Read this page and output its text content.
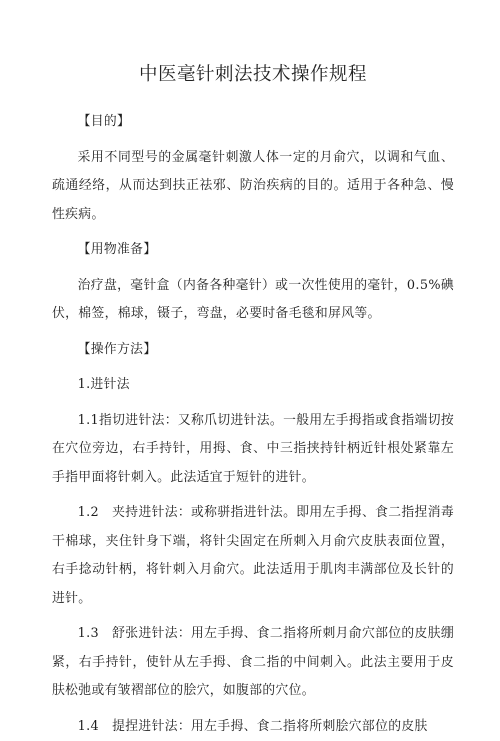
中医毫针刺法技术操作规程

【目的】

采用不同型号的金属毫针刺激人体一定的月俞穴，以调和气血、疏通经络，从而达到扶正祛邪、防治疾病的目的。适用于各种急、慢性疾病。

【用物准备】

治疗盘，毫针盒（内备各种毫针）或一次性使用的毫针，0.5%碘伏，棉签，棉球，镊子，弯盘，必要时备毛毯和屏风等。

【操作方法】

1.进针法

1.1指切进针法：又称爪切进针法。一般用左手拇指或食指端切按在穴位旁边，右手持针，用拇、食、中三指挟持针柄近针根处紧靠左手指甲面将针刺入。此法适宜于短针的进针。

1.2　夹持进针法：或称骈指进针法。即用左手拇、食二指捏消毒干棉球，夹住针身下端，将针尖固定在所刺入月俞穴皮肤表面位置，右手捻动针柄，将针刺入月俞穴。此法适用于肌肉丰满部位及长针的进针。

1.3　舒张进针法：用左手拇、食二指将所刺月俞穴部位的皮肤绷紧，右手持针，使针从左手拇、食二指的中间刺入。此法主要用于皮肤松弛或有皱褶部位的脍穴，如腹部的穴位。

1.4　提捏进针法：用左手拇、食二指将所刺脍穴部位的皮肤
